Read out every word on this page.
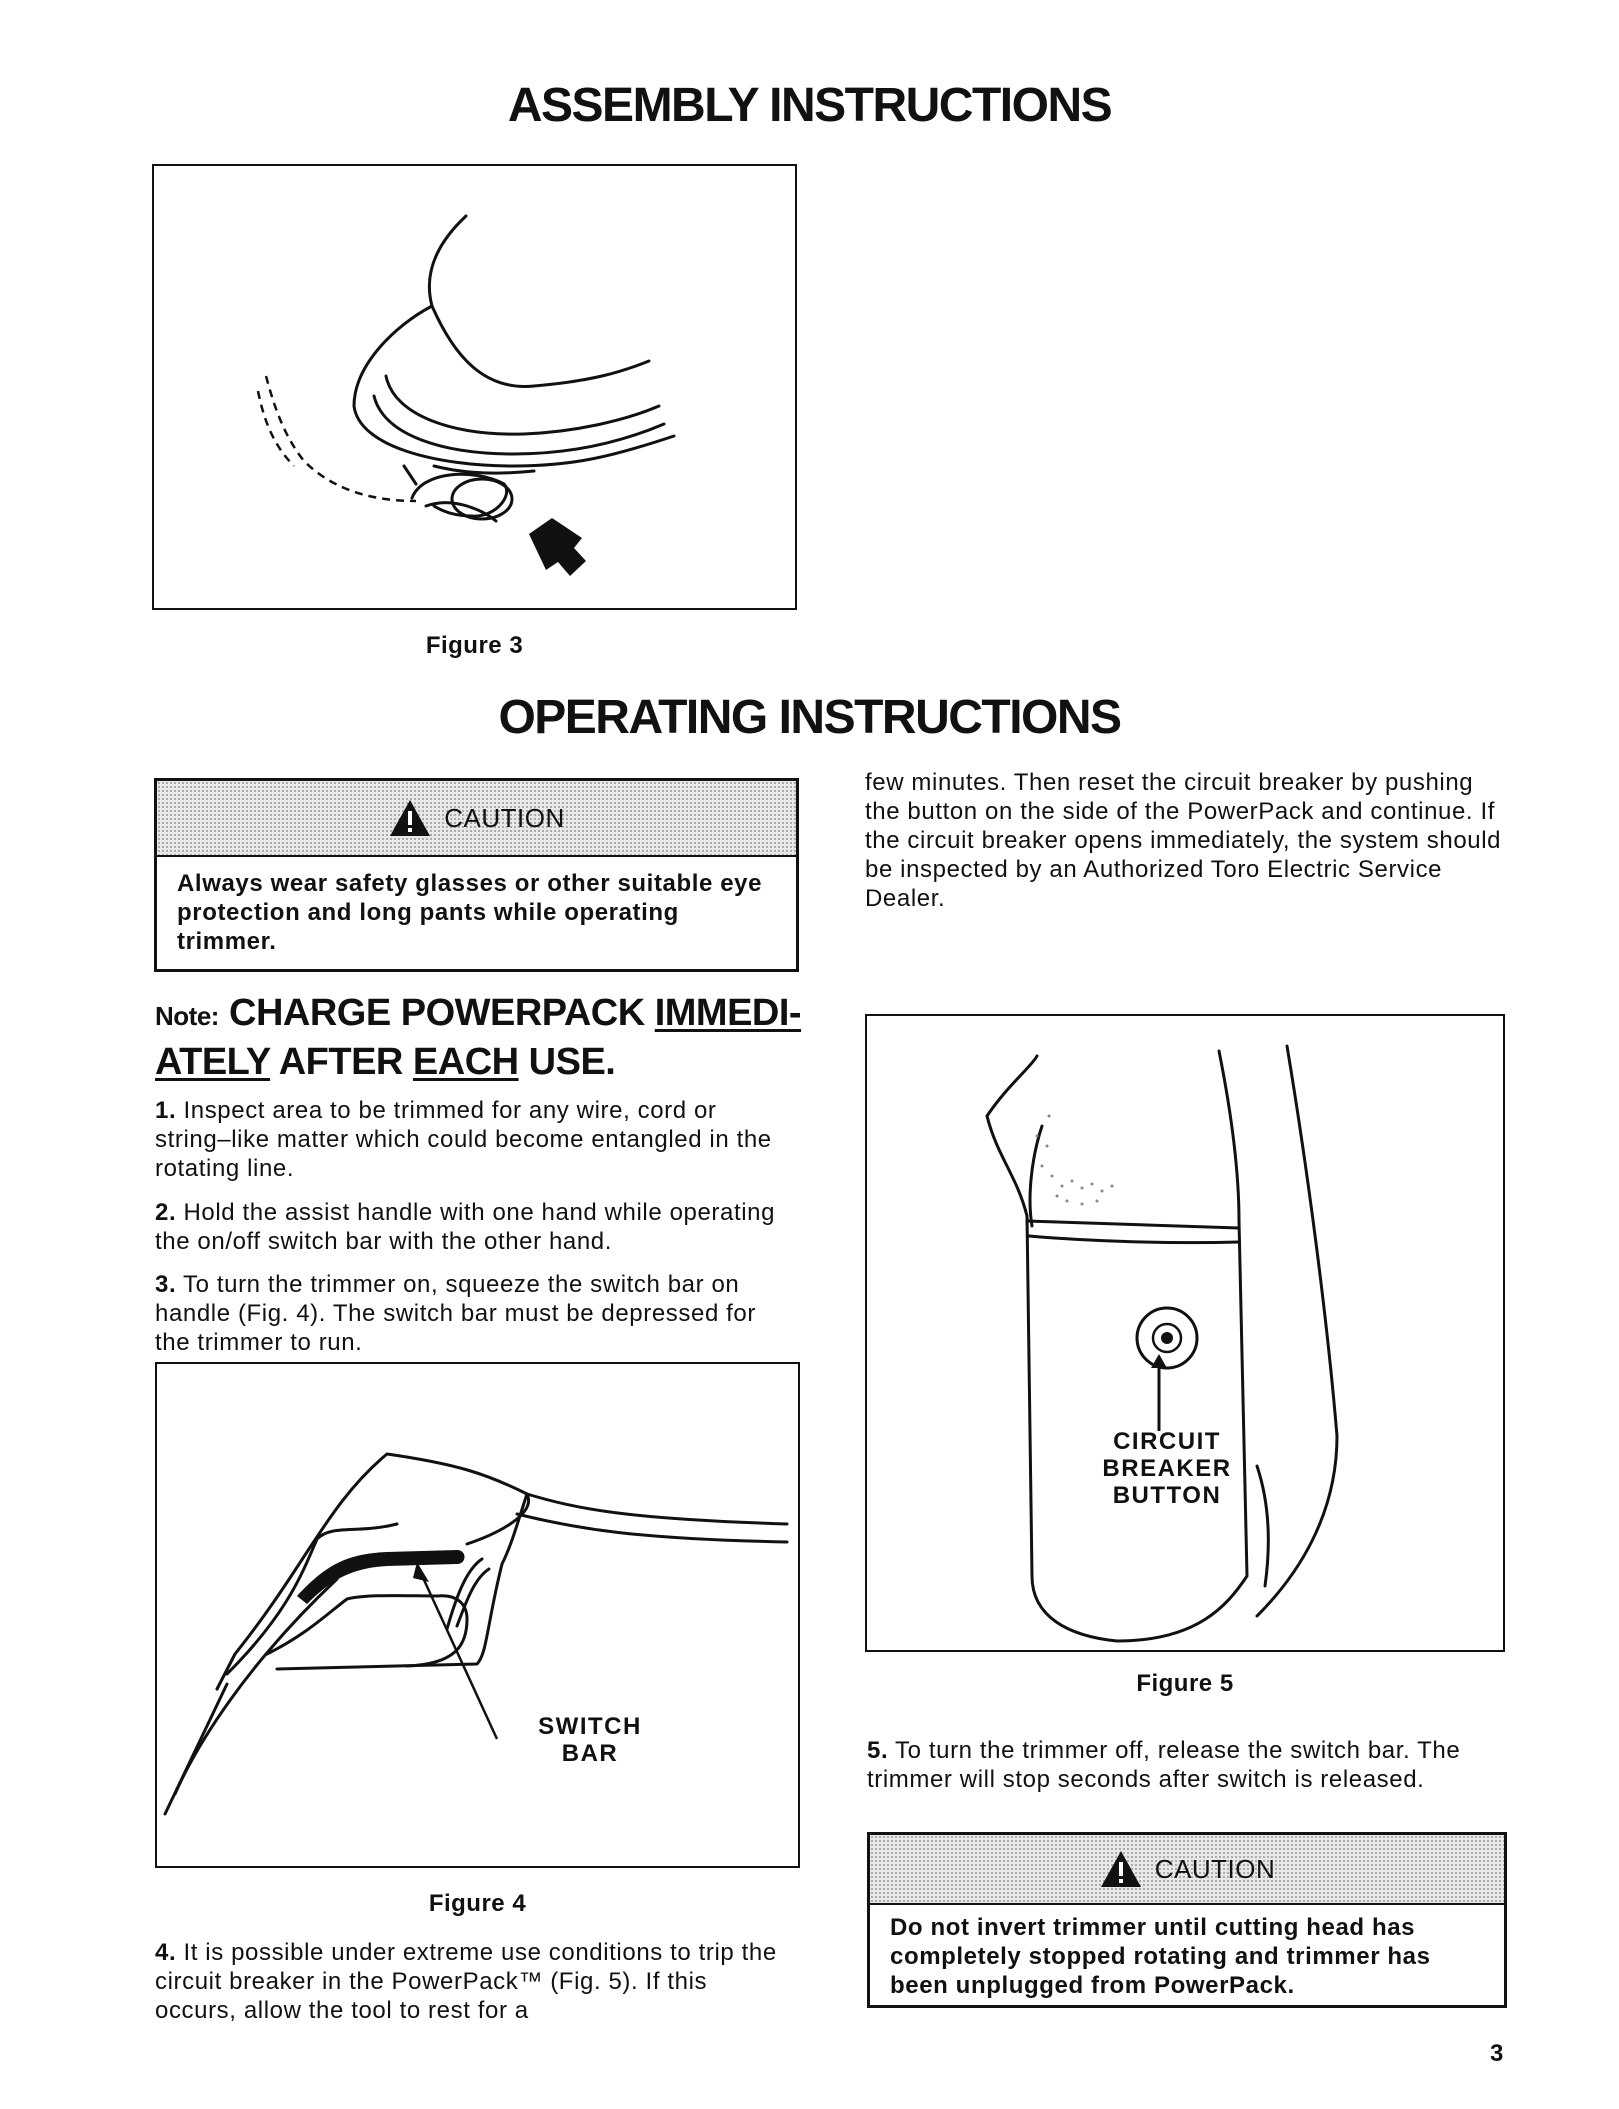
ASSEMBLY INSTRUCTIONS
Figure 3
OPERATING INSTRUCTIONS
CAUTION
Always wear safety glasses or other suitable eye protection and long pants while operating trimmer.
Note: CHARGE POWERPACK IMMEDI-
ATELY AFTER EACH USE.
1. Inspect area to be trimmed for any wire, cord or string–like matter which could become entangled in the rotating line.
2. Hold the assist handle with one hand while operating the on/off switch bar with the other hand.
3. To turn the trimmer on, squeeze the switch bar on handle (Fig. 4). The switch bar must be depressed for the trimmer to run.
SWITCH
BAR
Figure 4
4. It is possible under extreme use conditions to trip the circuit breaker in the PowerPack™ (Fig. 5). If this occurs, allow the tool to rest for a
few minutes. Then reset the circuit breaker by pushing the button on the side of the PowerPack and continue. If the circuit breaker opens immediately, the system should be inspected by an Authorized Toro Electric Service Dealer.
CIRCUIT
BREAKER
BUTTON
Figure 5
5. To turn the trimmer off, release the switch bar. The trimmer will stop seconds after switch is released.
CAUTION
Do not invert trimmer until cutting head has completely stopped rotating and trimmer has been unplugged from PowerPack.
3
